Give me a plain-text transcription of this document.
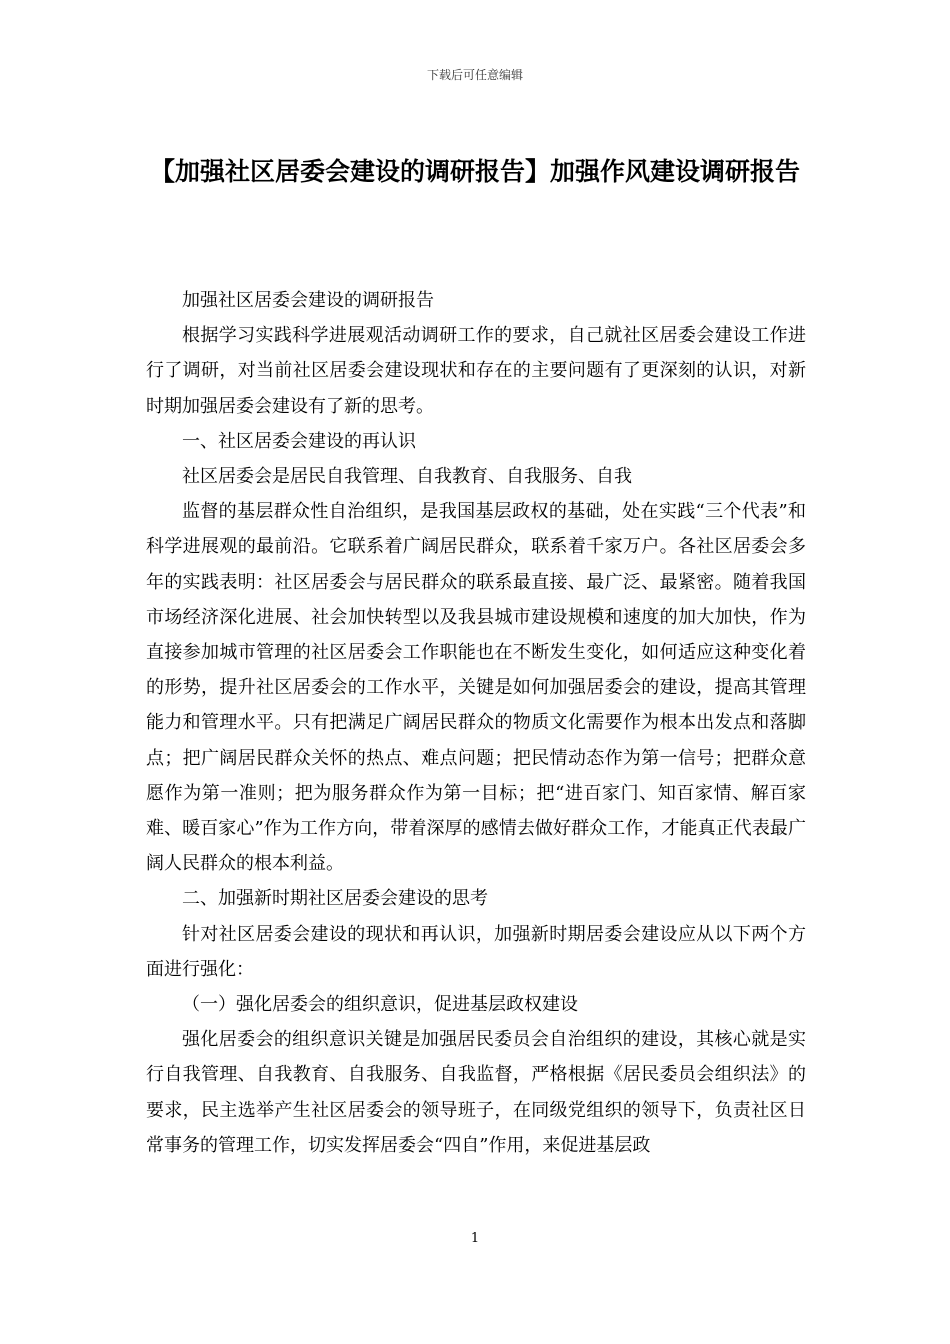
下载后可任意编辑
【加强社区居委会建设的调研报告】加强作风建设调研报告

加强社区居委会建设的调研报告

根据学习实践科学进展观活动调研工作的要求，自己就社区居委会建设工作进行了调研，对当前社区居委会建设现状和存在的主要问题有了更深刻的认识，对新时期加强居委会建设有了新的思考。

一、社区居委会建设的再认识

社区居委会是居民自我管理、自我教育、自我服务、自我

监督的基层群众性自治组织，是我国基层政权的基础，处在实践“三个代表”和科学进展观的最前沿。它联系着广阔居民群众，联系着千家万户。各社区居委会多年的实践表明：社区居委会与居民群众的联系最直接、最广泛、最紧密。随着我国市场经济深化进展、社会加快转型以及我县城市建设规模和速度的加大加快，作为直接参加城市管理的社区居委会工作职能也在不断发生变化，如何适应这种变化着的形势，提升社区居委会的工作水平，关键是如何加强居委会的建设，提高其管理能力和管理水平。只有把满足广阔居民群众的物质文化需要作为根本出发点和落脚点；把广阔居民群众关怀的热点、难点问题；把民情动态作为第一信号；把群众意愿作为第一准则；把为服务群众作为第一目标；把“进百家门、知百家情、解百家难、暖百家心”作为工作方向，带着深厚的感情去做好群众工作，才能真正代表最广阔人民群众的根本利益。

二、加强新时期社区居委会建设的思考

针对社区居委会建设的现状和再认识，加强新时期居委会建设应从以下两个方面进行强化：

（一）强化居委会的组织意识，促进基层政权建设

强化居委会的组织意识关键是加强居民委员会自治组织的建设，其核心就是实行自我管理、自我教育、自我服务、自我监督，严格根据《居民委员会组织法》的要求，民主选举产生社区居委会的领导班子，在同级党组织的领导下，负责社区日常事务的管理工作，切实发挥居委会“四自”作用，来促进基层政

1
